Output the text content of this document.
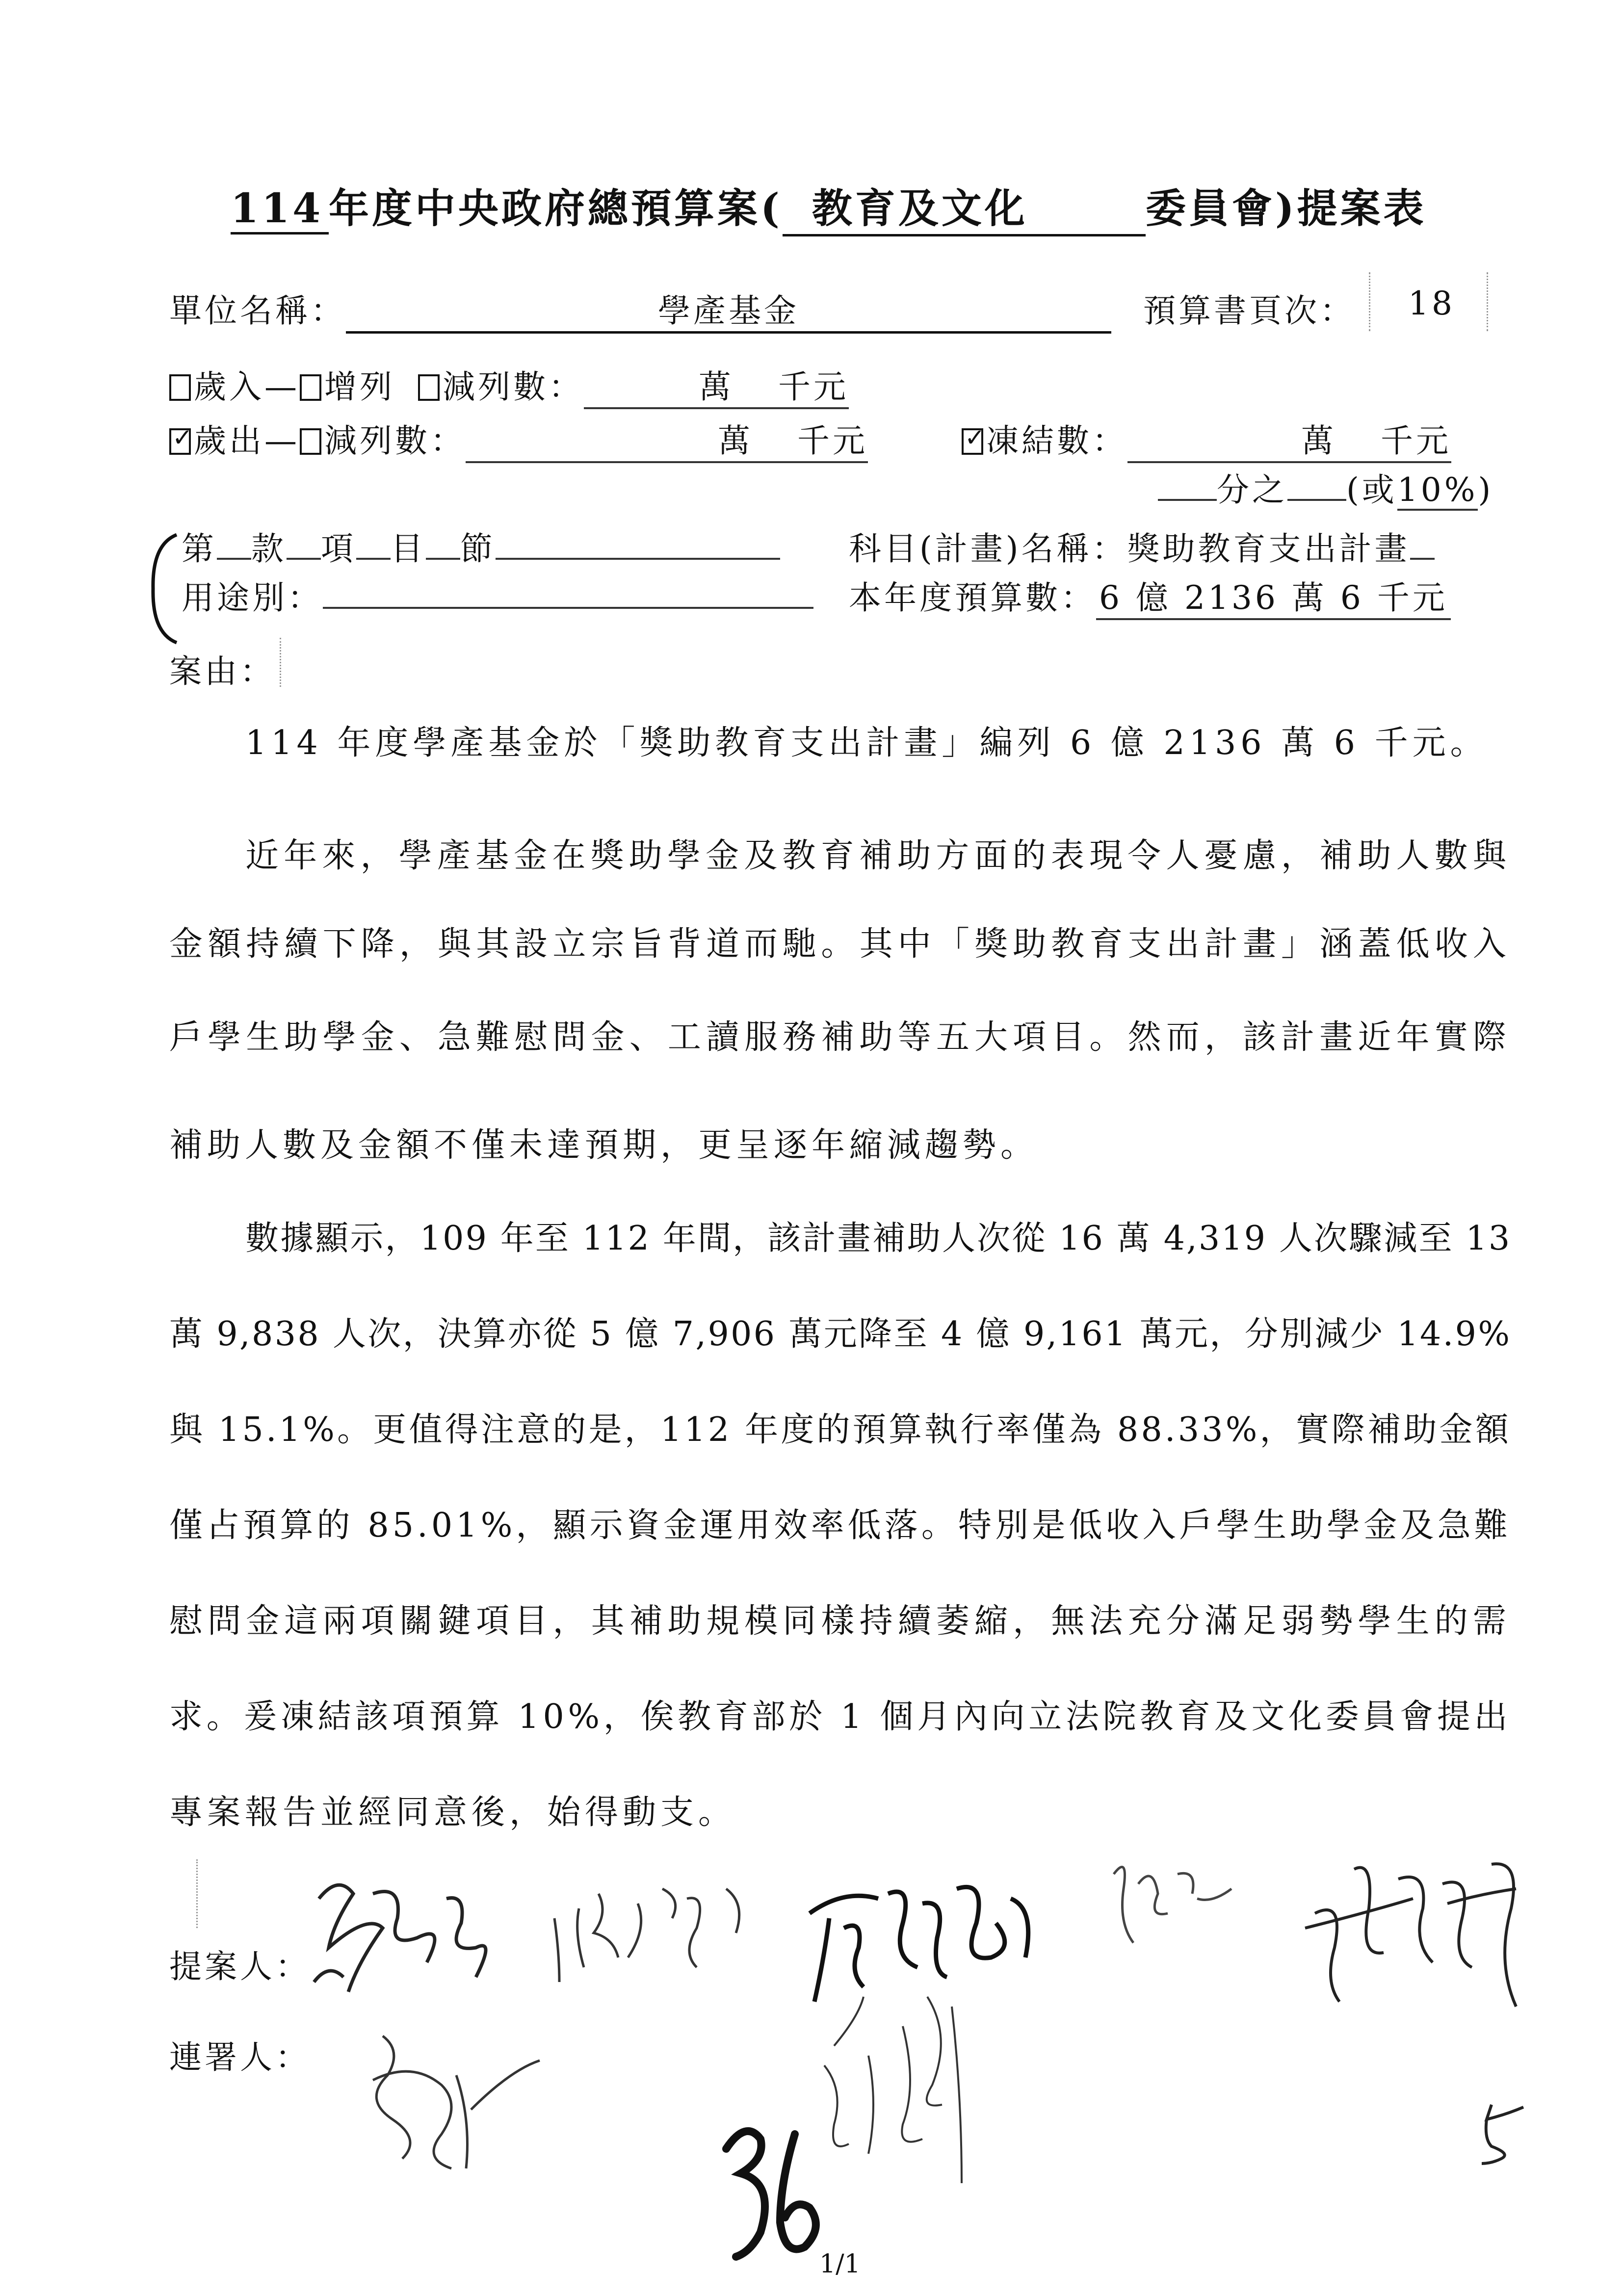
114 年度中央政府總預算案( 教育及文化	委員會)提案表
單位名稱：	學產基金	預算書頁次： 18
歲入— 增列 減列數：	萬 千元
✓歲出— 減列數：	萬 千元 ✓	凍結數：	萬 千元
分之 (或10%)
第 款 項 目 節	科目(計畫)名稱：獎助教育支出計畫
用途別：	本年度預算數：6 億 2136 萬 6 千元
案由：
114 年度學產基金於「獎助教育支出計畫」編列 6 億 2136 萬 6 千元。
近年來，學產基金在獎助學金及教育補助方面的表現令人憂慮，補助人數與
金額持續下降，與其設立宗旨背道而馳。其中「獎助教育支出計畫」涵蓋低收入
戶學生助學金、急難慰問金、工讀服務補助等五大項目。然而，該計畫近年實際
補助人數及金額不僅未達預期，更呈逐年縮減趨勢。
數據顯示，109 年至 112 年間，該計畫補助人次從 16 萬 4,319 人次驟減至 13
萬 9,838 人次，決算亦從 5 億 7,906 萬元降至 4 億 9,161 萬元，分別減少 14.9%
與 15.1%。更值得注意的是，112 年度的預算執行率僅為 88.33%，實際補助金額
僅占預算的 85.01%，顯示資金運用效率低落。特別是低收入戶學生助學金及急難
慰問金這兩項關鍵項目，其補助規模同樣持續萎縮，無法充分滿足弱勢學生的需
求。爰凍結該項預算 10%，俟教育部於 1 個月內向立法院教育及文化委員會提出
專案報告並經同意後，始得動支。
提案人：
連署人：
1/1
